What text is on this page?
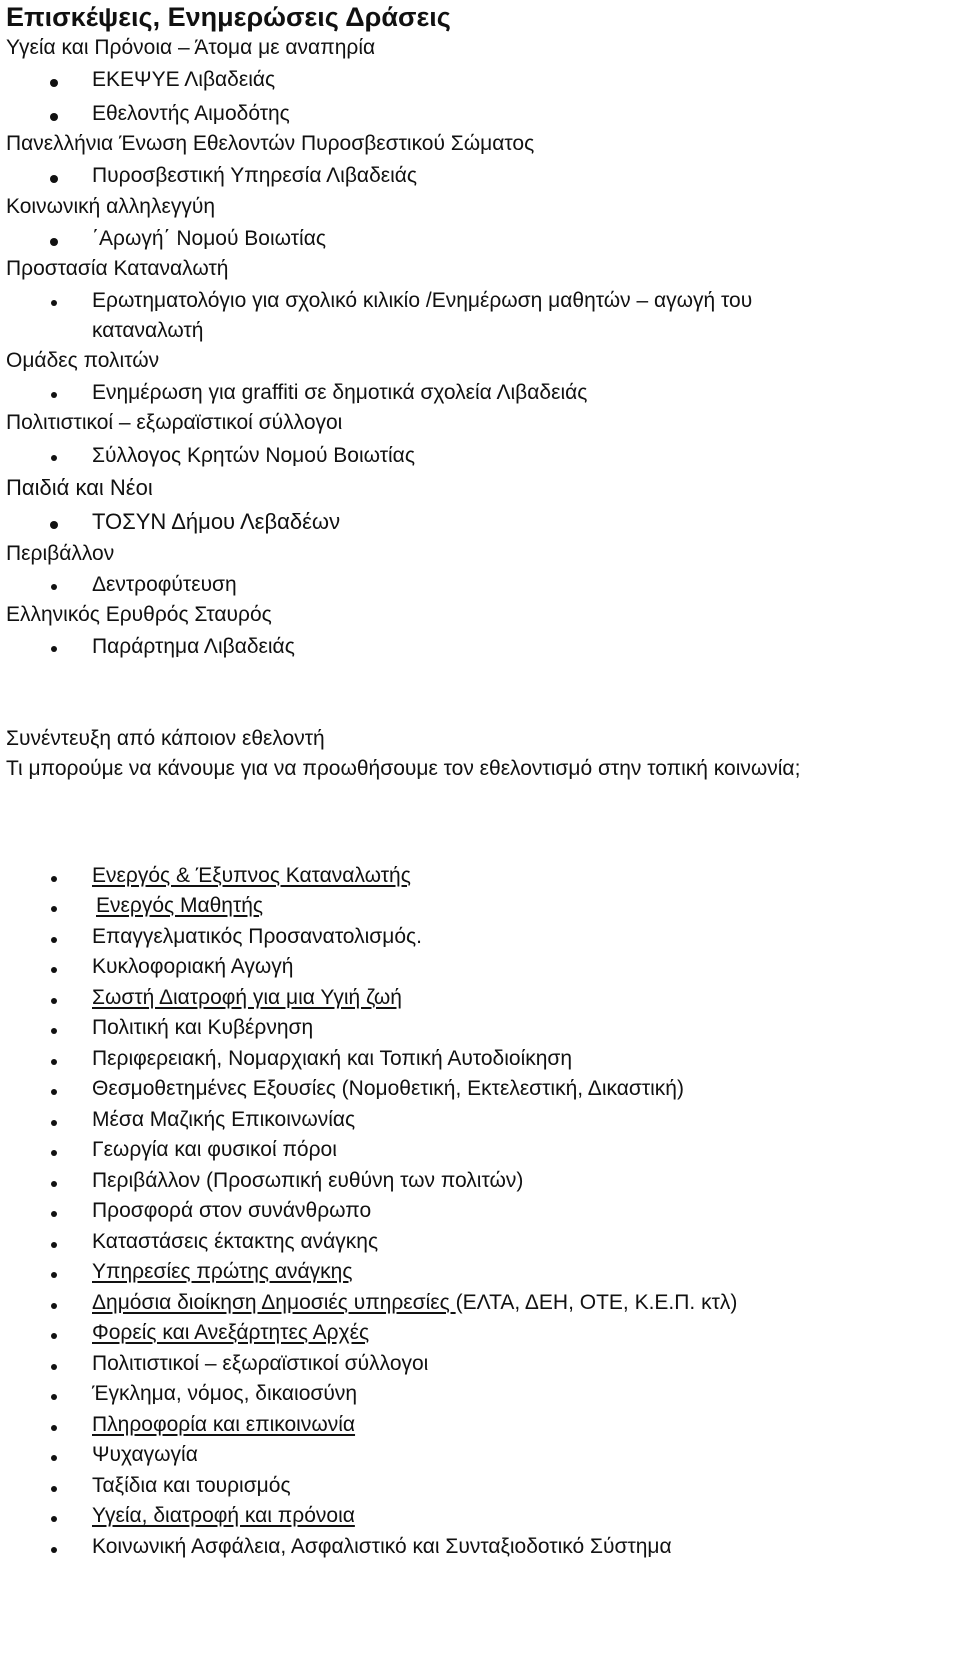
Επισκέψεις, Ενημερώσεις Δράσεις
Υγεία και Πρόνοια – Άτομα με αναπηρία
ΕΚΕΨΥΕ Λιβαδειάς
Εθελοντής Αιμοδότης
Πανελλήνια Ένωση Εθελοντών Πυροσβεστικού Σώματος
Πυροσβεστική Υπηρεσία Λιβαδειάς
Κοινωνική αλληλεγγύη
΄Αρωγή΄ Νομού Βοιωτίας
Προστασία Καταναλωτή
Ερωτηματολόγιο για σχολικό κιλικίο /Ενημέρωση μαθητών – αγωγή του
καταναλωτή
Ομάδες πολιτών
Ενημέρωση για graffiti σε δημοτικά σχολεία Λιβαδειάς
Πολιτιστικοί – εξωραϊστικοί σύλλογοι
Σύλλογος Κρητών Νομού Βοιωτίας
Παιδιά και Νέοι
ΤΟΣΥΝ Δήμου Λεβαδέων
Περιβάλλον
Δεντροφύτευση
Ελληνικός Ερυθρός Σταυρός
Παράρτημα Λιβαδειάς
Συνέντευξη από κάποιον εθελοντή
Τι μπορούμε να κάνουμε για να προωθήσουμε τον εθελοντισμό στην τοπική κοινωνία;
Ενεργός & Έξυπνος Καταναλωτής
Ενεργός Μαθητής
Επαγγελματικός Προσανατολισμός.
Κυκλοφοριακή Αγωγή
Σωστή Διατροφή για μια Υγιή ζωή
Πολιτική και Κυβέρνηση
Περιφερειακή, Νομαρχιακή και Τοπική Αυτοδιοίκηση
Θεσμοθετημένες Εξουσίες (Νομοθετική, Εκτελεστική, Δικαστική)
Μέσα Μαζικής Επικοινωνίας
Γεωργία και φυσικοί πόροι
Περιβάλλον (Προσωπική ευθύνη των πολιτών)
Προσφορά στον συνάνθρωπο
Καταστάσεις έκτακτης ανάγκης
Υπηρεσίες πρώτης ανάγκης
Δημόσια διοίκηση Δημοσιές υπηρεσίες (ΕΛΤΑ, ΔΕΗ, ΟΤΕ, Κ.Ε.Π. κτλ)
Φορείς και Ανεξάρτητες Αρχές
Πολιτιστικοί – εξωραϊστικοί σύλλογοι
Έγκλημα, νόμος, δικαιοσύνη
Πληροφορία και επικοινωνία
Ψυχαγωγία
Ταξίδια και τουρισμός
Υγεία, διατροφή και πρόνοια
Κοινωνική Ασφάλεια, Ασφαλιστικό και Συνταξιοδοτικό Σύστημα
